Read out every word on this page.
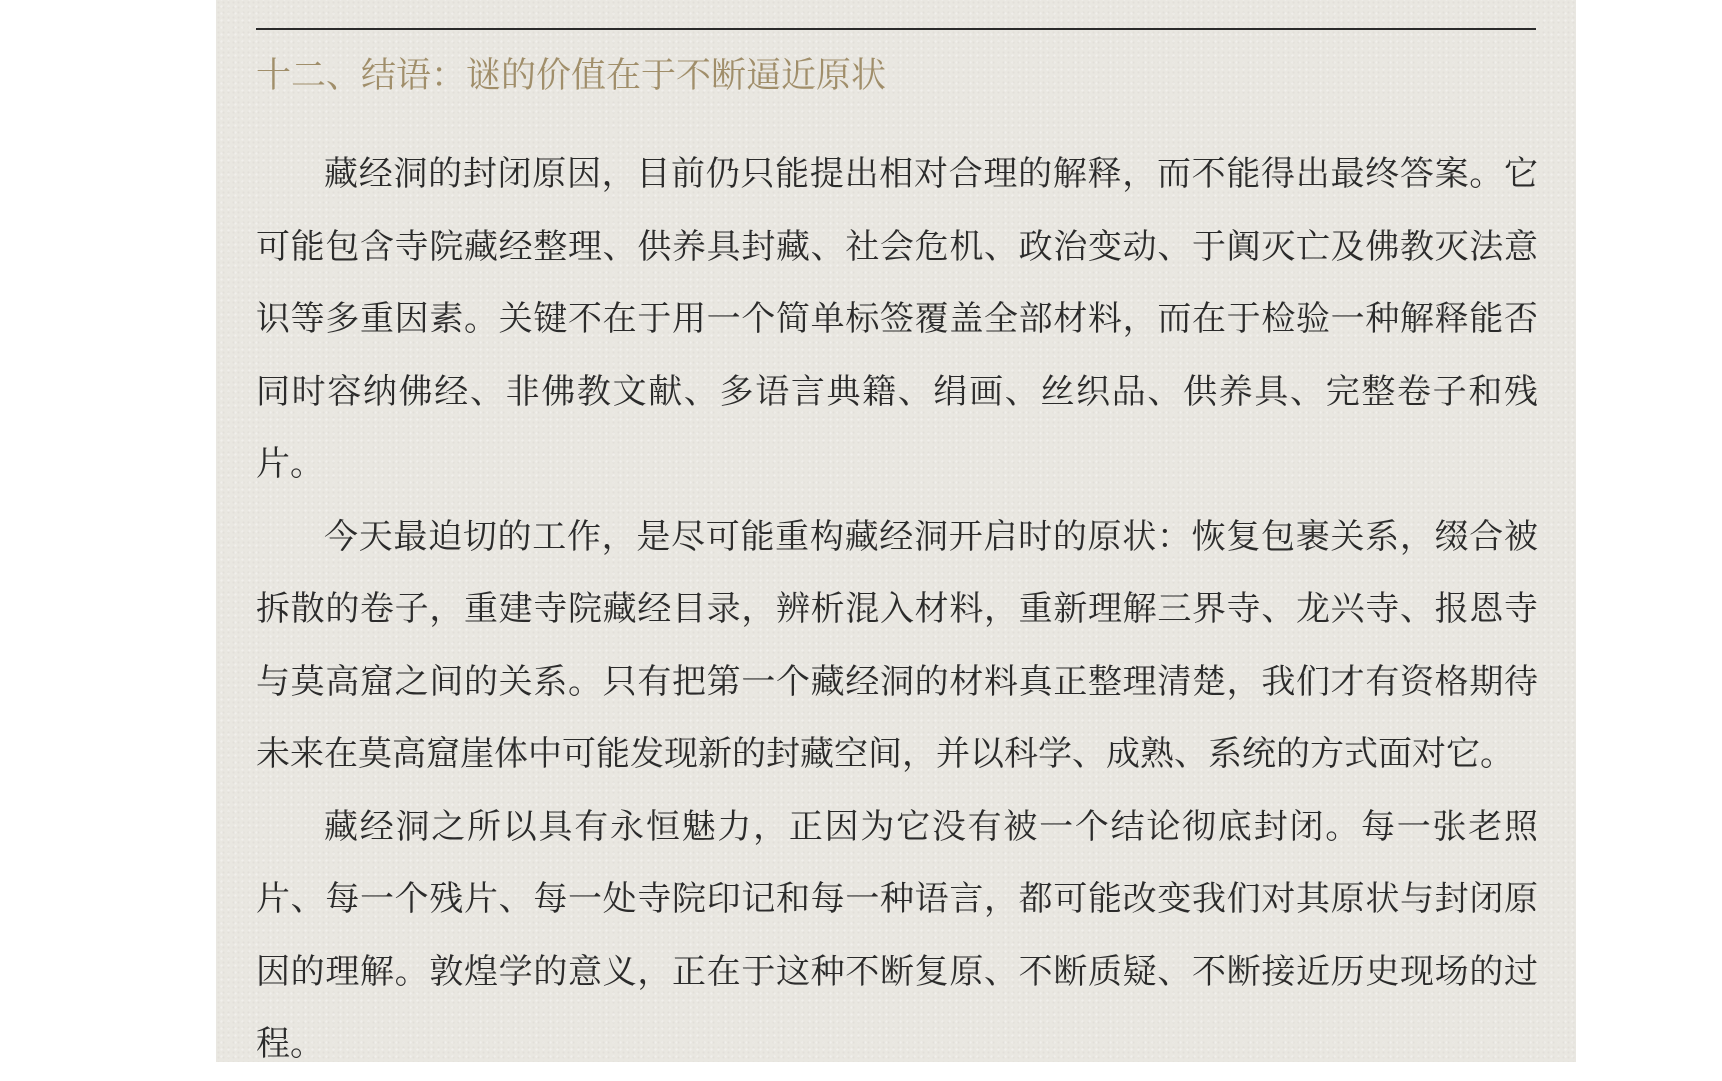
十二、结语：谜的价值在于不断逼近原状

藏经洞的封闭原因，目前仍只能提出相对合理的解释，而不能得出最终答案。它可能包含寺院藏经整理、供养具封藏、社会危机、政治变动、于阗灭亡及佛教灭法意识等多重因素。关键不在于用一个简单标签覆盖全部材料，而在于检验一种解释能否同时容纳佛经、非佛教文献、多语言典籍、绢画、丝织品、供养具、完整卷子和残片。

今天最迫切的工作，是尽可能重构藏经洞开启时的原状：恢复包裹关系，缀合被拆散的卷子，重建寺院藏经目录，辨析混入材料，重新理解三界寺、龙兴寺、报恩寺与莫高窟之间的关系。只有把第一个藏经洞的材料真正整理清楚，我们才有资格期待未来在莫高窟崖体中可能发现新的封藏空间，并以科学、成熟、系统的方式面对它。

藏经洞之所以具有永恒魅力，正因为它没有被一个结论彻底封闭。每一张老照片、每一个残片、每一处寺院印记和每一种语言，都可能改变我们对其原状与封闭原因的理解。敦煌学的意义，正在于这种不断复原、不断质疑、不断接近历史现场的过程。
